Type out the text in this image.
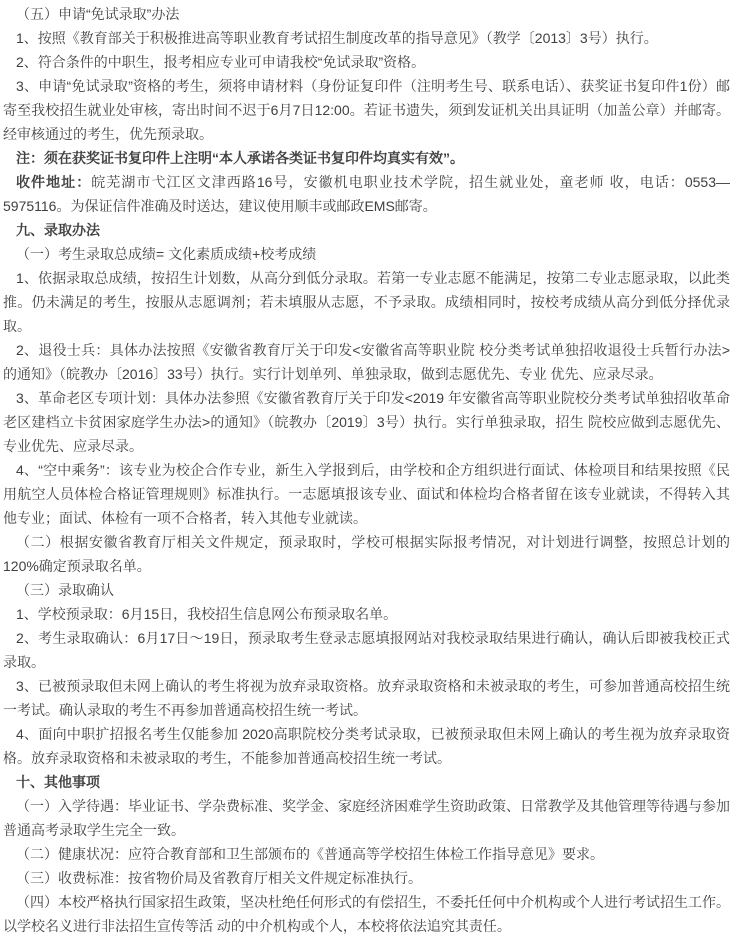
（五）申请“免试录取”办法

1、按照《教育部关于积极推进高等职业教育考试招生制度改革的指导意见》（教学〔2013〕3号）执行。

2、符合条件的中职生，报考相应专业可申请我校“免试录取”资格。

3、申请“免试录取”资格的考生，须将申请材料（身份证复印件（注明考生号、联系电话）、获奖证书复印件1份）邮寄至我校招生就业处审核，寄出时间不迟于6月7日12:00。若证书遗失，须到发证机关出具证明（加盖公章）并邮寄。经审核通过的考生，优先预录取。

注：须在获奖证书复印件上注明“本人承诺各类证书复印件均真实有效”。

收件地址：皖芜湖市弋江区文津西路16号，安徽机电职业技术学院，招生就业处，童老师 收，电话：0553—5975116。为保证信件准确及时送达，建议使用顺丰或邮政EMS邮寄。

九、录取办法

（一）考生录取总成绩= 文化素质成绩+校考成绩

1、依据录取总成绩，按招生计划数，从高分到低分录取。若第一专业志愿不能满足，按第二专业志愿录取，以此类推。仍未满足的考生，按服从志愿调剂；若未填服从志愿，不予录取。成绩相同时，按校考成绩从高分到低分择优录取。

2、退役士兵：具体办法按照《安徽省教育厅关于印发<安徽省高等职业院 校分类考试单独招收退役士兵暂行办法>的通知》（皖教办〔2016〕33号）执行。实行计划单列、单独录取，做到志愿优先、专业 优先、应录尽录。

3、革命老区专项计划：具体办法参照《安徽省教育厅关于印发<2019 年安徽省高等职业院校分类考试单独招收革命老区建档立卡贫困家庭学生办法>的通知》（皖教办〔2019〕3号）执行。实行单独录取，招生 院校应做到志愿优先、专业优先、应录尽录。

4、“空中乘务”：该专业为校企合作专业，新生入学报到后，由学校和企方组织进行面试、体检项目和结果按照《民用航空人员体检合格证管理规则》标准执行。一志愿填报该专业、面试和体检均合格者留在该专业就读，不得转入其他专业；面试、体检有一项不合格者，转入其他专业就读。

（二）根据安徽省教育厅相关文件规定，预录取时，学校可根据实际报考情况，对计划进行调整，按照总计划的120%确定预录取名单。

（三）录取确认

1、学校预录取：6月15日，我校招生信息网公布预录取名单。

2、考生录取确认：6月17日～19日，预录取考生登录志愿填报网站对我校录取结果进行确认，确认后即被我校正式录取。

3、已被预录取但未网上确认的考生将视为放弃录取资格。放弃录取资格和未被录取的考生，可参加普通高校招生统一考试。确认录取的考生不再参加普通高校招生统一考试。

4、面向中职扩招报名考生仅能参加 2020高职院校分类考试录取，已被预录取但未网上确认的考生视为放弃录取资格。放弃录取资格和未被录取的考生，不能参加普通高校招生统一考试。

十、其他事项

（一）入学待遇：毕业证书、学杂费标准、奖学金、家庭经济困难学生资助政策、日常教学及其他管理等待遇与参加普通高考录取学生完全一致。

（二）健康状况：应符合教育部和卫生部颁布的《普通高等学校招生体检工作指导意见》要求。

（三）收费标准：按省物价局及省教育厅相关文件规定标准执行。

（四）本校严格执行国家招生政策，坚决杜绝任何形式的有偿招生，不委托任何中介机构或个人进行考试招生工作。以学校名义进行非法招生宣传等活 动的中介机构或个人，本校将依法追究其责任。
